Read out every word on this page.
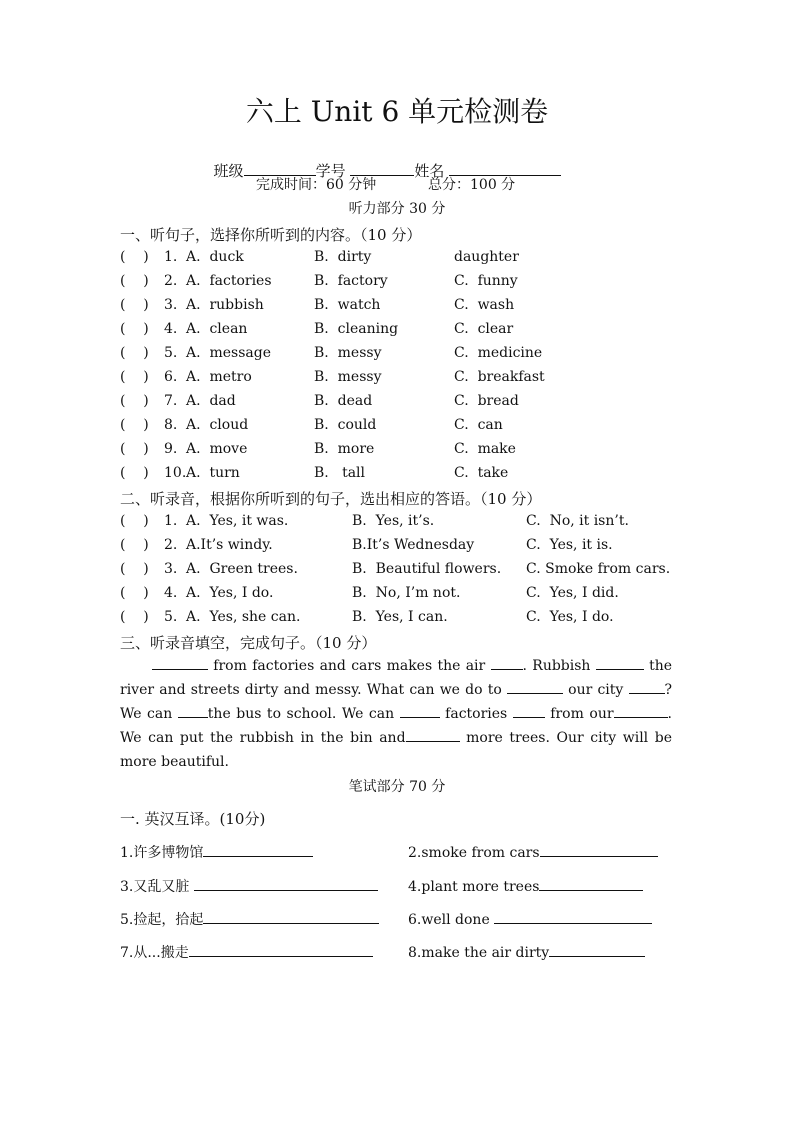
六上 Unit 6 单元检测卷

班级	学号	姓名

完成时间：60 分钟	总分：100 分
听力部分 30 分
一、听句子，选择你所听到的内容。（10 分）
(    ) 1. A.  duck	B.  dirty	daughter
(    ) 2. A.  factories	B.  factory	C.  funny
(    ) 3. A.  rubbish	B.  watch	C.  wash
(    ) 4. A.  clean	B.  cleaning	C.  clear
(    ) 5. A.  message	B.  messy	C.  medicine
(    ) 6. A.  metro	B.  messy	C.  breakfast
(    ) 7. A.  dad	B.  dead	C.  bread
(    ) 8. A.  cloud	B.  could	C.  can
(    ) 9. A.  move	B.  more	C.  make
(    ) 10. A.  turn	B.   tall	C.  take
二、听录音，根据你所听到的句子，选出相应的答语。（10 分）
(    ) 1. A.  Yes, it was.	B.  Yes, it’s.	C.  No, it isn’t.
(    ) 2. A.It’s windy.	B.It’s Wednesday	C.  Yes, it is.
(    ) 3. A.  Green trees.	B.  Beautiful flowers. C. Smoke from cars.
(    ) 4. A.  Yes, I do.	B.  No, I’m not.	C.  Yes, I did.
(    ) 5. A.  Yes, she can.	B.  Yes, I can.	C.  Yes, I do.
三、听录音填空，完成句子。（10 分）
from factories and cars makes the air . Rubbish	the river and streets dirty and messy. What can we do to	our city	?We can the bus to school. We can	factories  from our	. We can put the rubbish in the bin and	more trees. Our city will be more beautiful.
笔试部分 70 分
一. 英汉互译。(10分)
1.许多博物馆	2.smoke from cars
3.又乱又脏	4.plant more trees
5.捡起，拾起	6.well done
7.从...搬走	8.make the air dirty
